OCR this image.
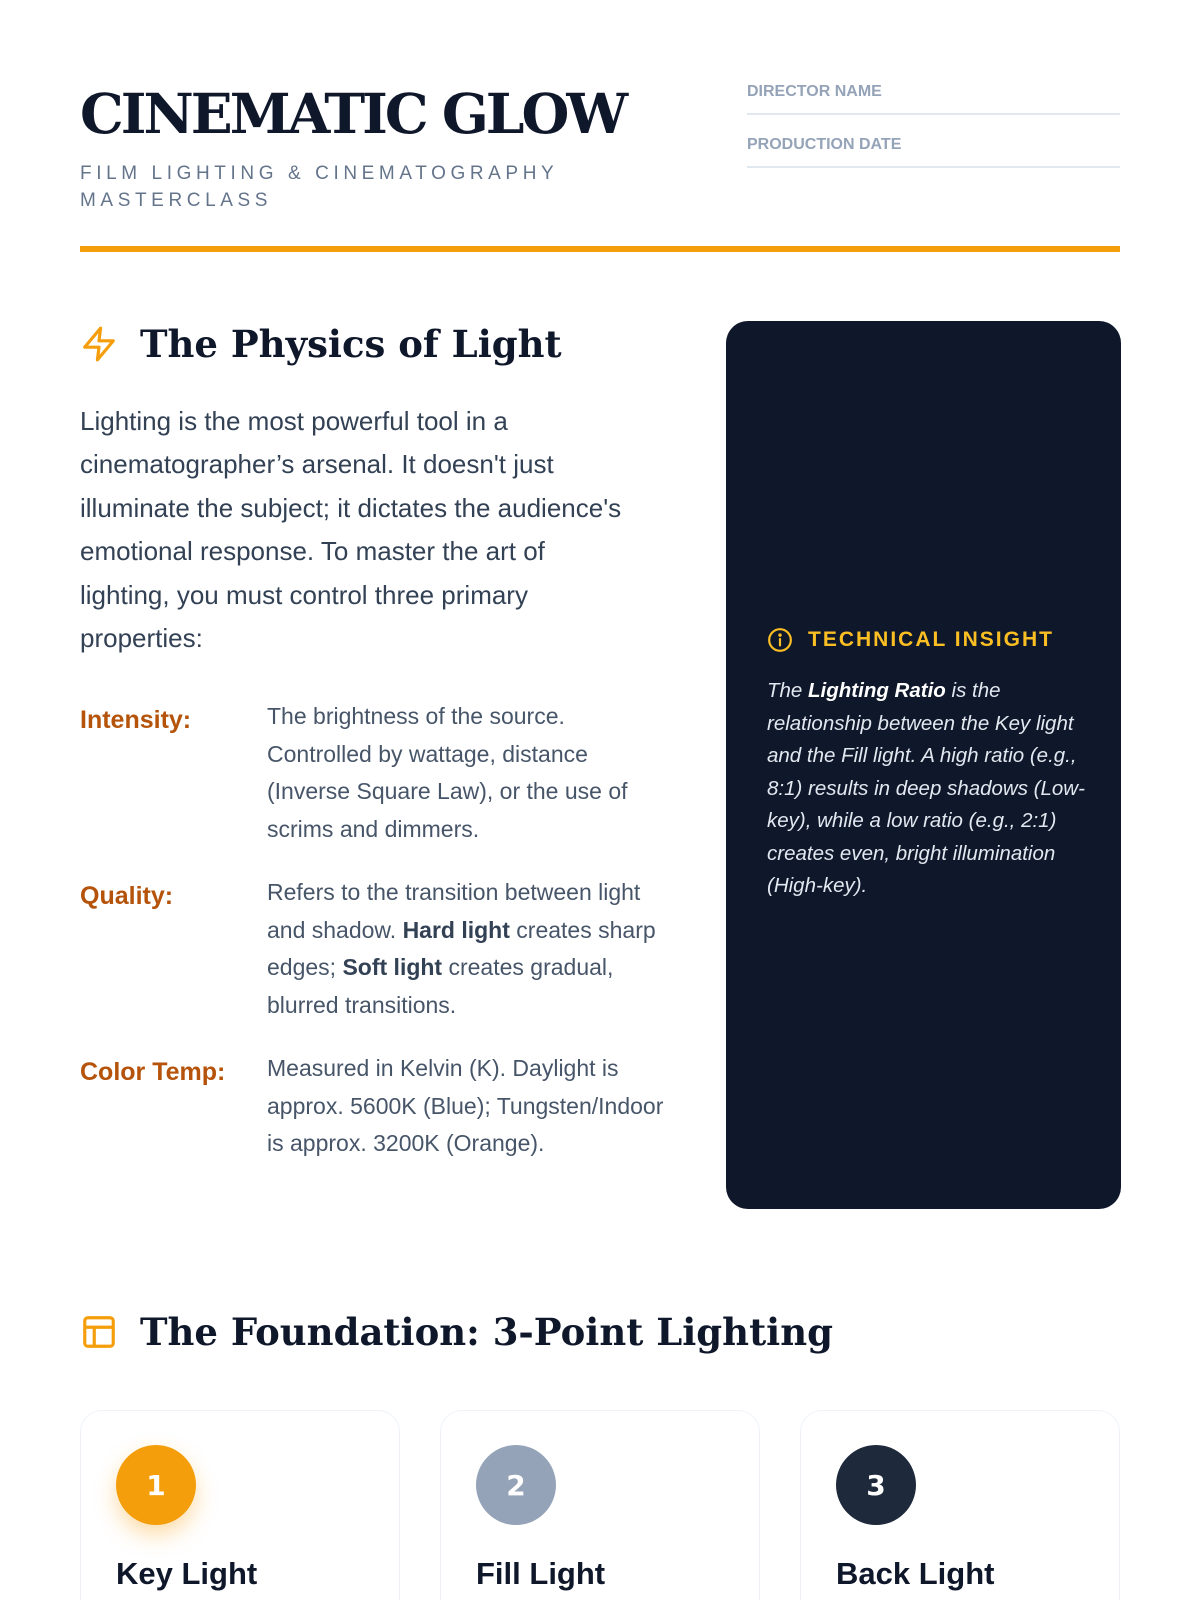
CINEMATIC GLOW
FILM LIGHTING & CINEMATOGRAPHY MASTERCLASS
DIRECTOR NAME
PRODUCTION DATE
The Physics of Light

Lighting is the most powerful tool in a cinematographer’s arsenal. It doesn't just illuminate the subject; it dictates the audience's emotional response. To master the art of lighting, you must control three primary properties:

Intensity:	The brightness of the source. Controlled by wattage, distance (Inverse Square Law), or the use of scrims and dimmers.
Quality:	Refers to the transition between light and shadow. Hard light creates sharp edges; Soft light creates gradual, blurred transitions.
Color Temp:	Measured in Kelvin (K). Daylight is approx. 5600K (Blue); Tungsten/Indoor is approx. 3200K (Orange).
TECHNICAL INSIGHT

The Lighting Ratio is the relationship between the Key light and the Fill light. A high ratio (e.g., 8:1) results in deep shadows (Low-key), while a low ratio (e.g., 2:1) creates even, bright illumination (High-key).

The Foundation: 3-Point Lighting
1
Key Light
2
Fill Light
3
Back Light
